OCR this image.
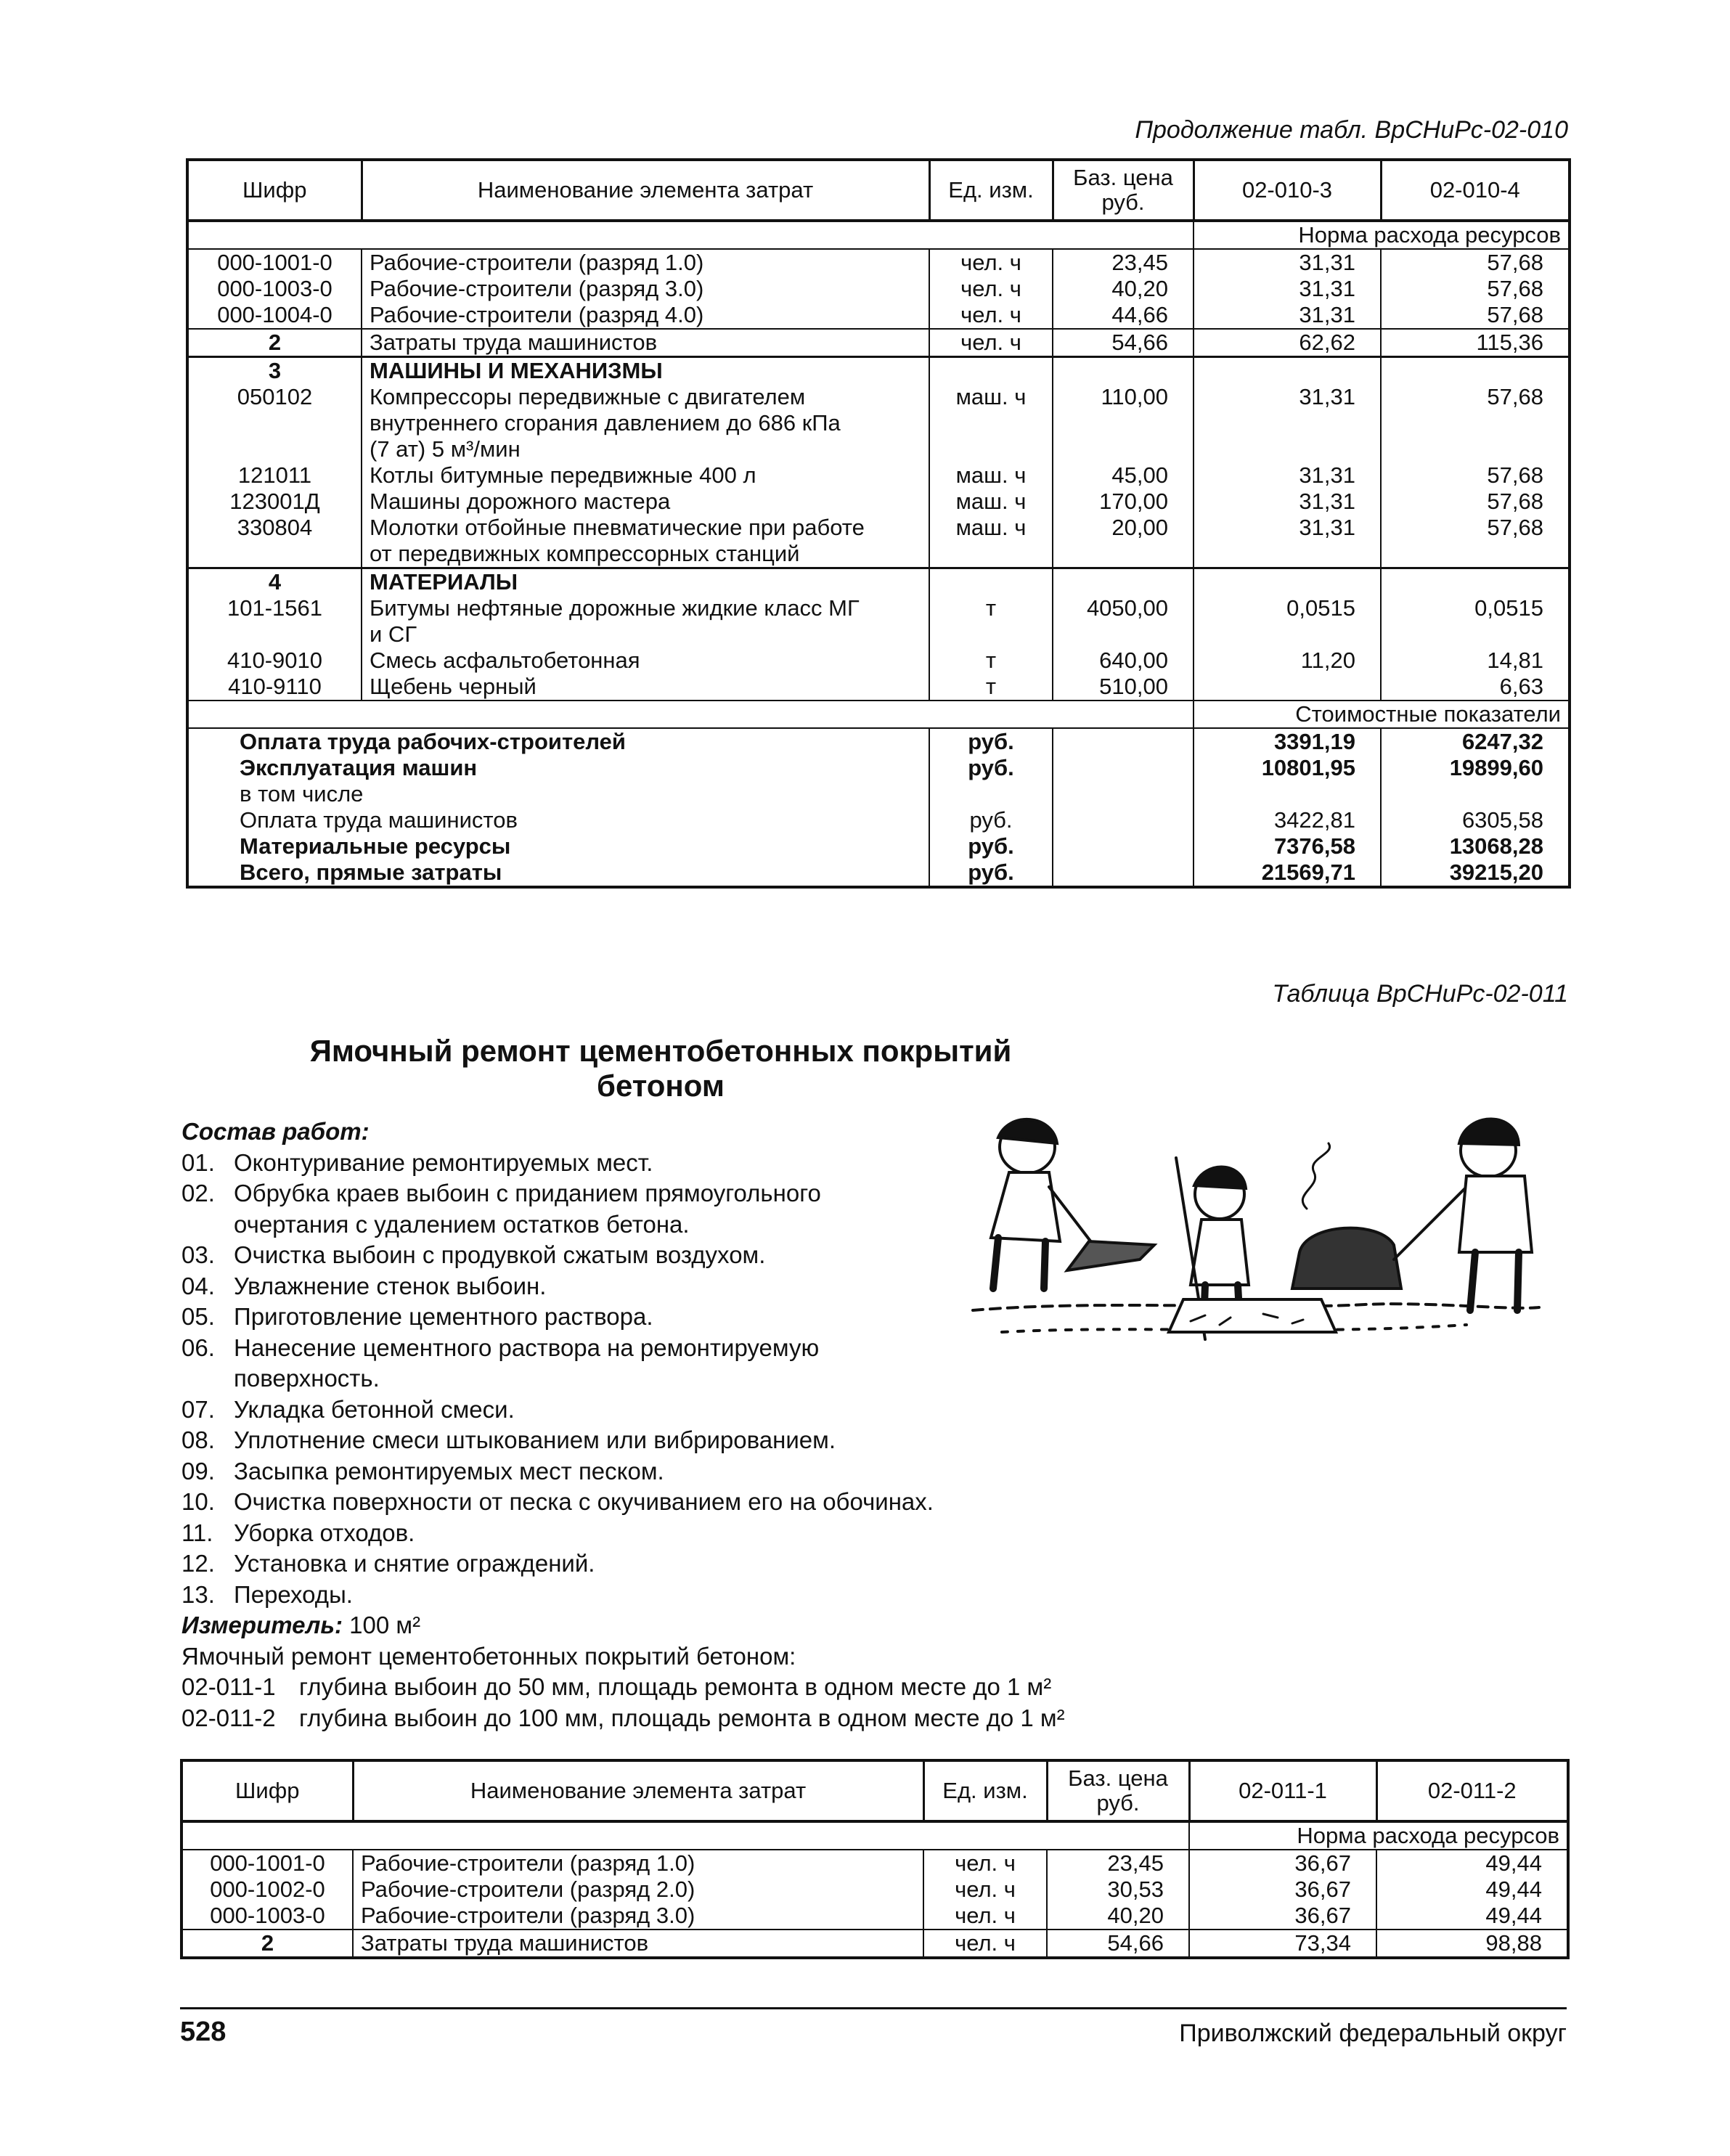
Продолжение табл. ВрСНиРс-02-010
Шифр	Наименование элемента затрат	Ед. изм.	Баз. цена руб.	02-010-3	02-010-4
				Норма расхода ресурсов	
000-1001-0	Рабочие-строители (разряд 1.0)	чел. ч	23,45	31,31	57,68
000-1003-0	Рабочие-строители (разряд 3.0)	чел. ч	40,20	31,31	57,68
000-1004-0	Рабочие-строители (разряд 4.0)	чел. ч	44,66	31,31	57,68
2	Затраты труда машинистов	чел. ч	54,66	62,62	115,36
3	МАШИНЫ И МЕХАНИЗМЫ				
050102	Компрессоры передвижные с двигателем	маш. ч	110,00	31,31	57,68
	внутреннего сгорания давлением до 686 кПа				
	(7 ат) 5 м³/мин				
121011	Котлы битумные передвижные 400 л	маш. ч	45,00	31,31	57,68
123001Д	Машины дорожного мастера	маш. ч	170,00	31,31	57,68
330804	Молотки отбойные пневматические при работе	маш. ч	20,00	31,31	57,68
	от передвижных компрессорных станций				
4	МАТЕРИАЛЫ				
101-1561	Битумы нефтяные дорожные жидкие класс МГ	т	4050,00	0,0515	0,0515
	и СГ				
410-9010	Смесь асфальтобетонная	т	640,00	11,20	14,81
410-9110	Щебень черный	т	510,00		6,63
				Стоимостные показатели	
Оплата труда рабочих-строителей		руб.		3391,19	6247,32
Эксплуатация машин		руб.		10801,95	19899,60
в том числе					
Оплата труда машинистов		руб.		3422,81	6305,58
Материальные ресурсы		руб.		7376,58	13068,28
Всего, прямые затраты		руб.		21569,71	39215,20
Таблица ВрСНиРс-02-011
Ямочный ремонт цементобетонных покрытий
бетоном
Состав работ:
01. Оконтуривание ремонтируемых мест.
02. Обрубка краев выбоин с приданием прямоугольного очертания с удалением остатков бетона.
03. Очистка выбоин с продувкой сжатым воздухом.
04. Увлажнение стенок выбоин.
05. Приготовление цементного раствора.
06. Нанесение цементного раствора на ремонтируемую поверхность.
07. Укладка бетонной смеси.
08. Уплотнение смеси штыкованием или вибрированием.
09. Засыпка ремонтируемых мест песком.
10. Очистка поверхности от песка с окучиванием его на обочинах.
11. Уборка отходов.
12. Установка и снятие ограждений.
13. Переходы.
Измеритель: 100 м²
Ямочный ремонт цементобетонных покрытий бетоном:
02-011-1 глубина выбоин до 50 мм, площадь ремонта в одном месте до 1 м²
02-011-2 глубина выбоин до 100 мм, площадь ремонта в одном месте до 1 м²
Шифр	Наименование элемента затрат	Ед. изм.	Баз. цена руб.	02-011-1	02-011-2
				Норма расхода ресурсов	
000-1001-0	Рабочие-строители (разряд 1.0)	чел. ч	23,45	36,67	49,44
000-1002-0	Рабочие-строители (разряд 2.0)	чел. ч	30,53	36,67	49,44
000-1003-0	Рабочие-строители (разряд 3.0)	чел. ч	40,20	36,67	49,44
2	Затраты труда машинистов	чел. ч	54,66	73,34	98,88
528	Приволжский федеральный округ
